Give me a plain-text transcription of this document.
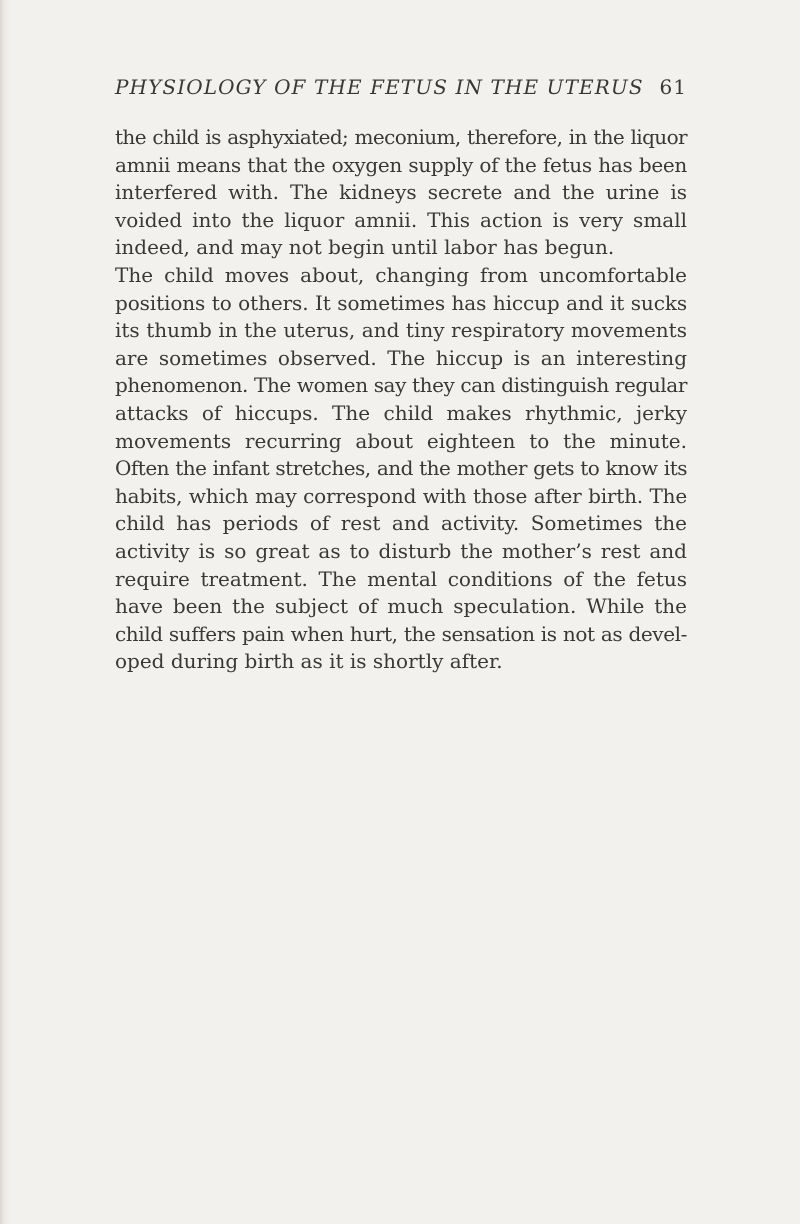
PHYSIOLOGY OF THE FETUS IN THE UTERUS 61
the child is asphyxiated; meconium, therefore, in the liquor
amnii means that the oxygen supply of the fetus has been
interfered with. The kidneys secrete and the urine is
voided into the liquor amnii. This action is very small
indeed, and may not begin until labor has begun.
The child moves about, changing from uncomfortable
positions to others. It sometimes has hiccup and it sucks
its thumb in the uterus, and tiny respiratory movements
are sometimes observed. The hiccup is an interesting
phenomenon. The women say they can distinguish regular
attacks of hiccups. The child makes rhythmic, jerky
movements recurring about eighteen to the minute.
Often the infant stretches, and the mother gets to know its
habits, which may correspond with those after birth. The
child has periods of rest and activity. Sometimes the
activity is so great as to disturb the mother’s rest and
require treatment. The mental conditions of the fetus
have been the subject of much speculation. While the
child suffers pain when hurt, the sensation is not as devel-
oped during birth as it is shortly after.
